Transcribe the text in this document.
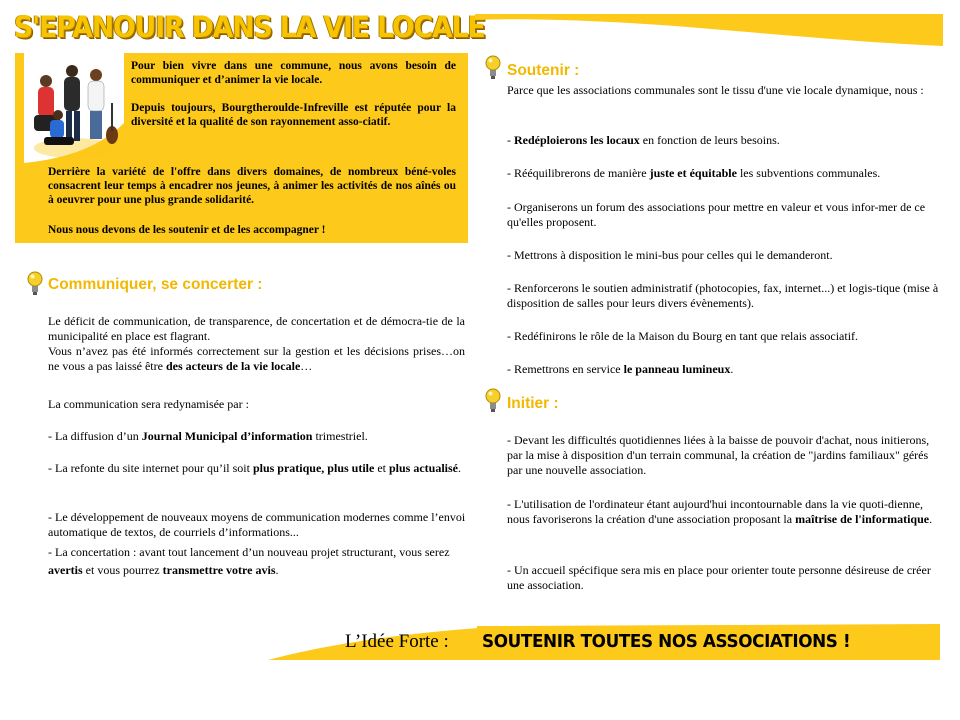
S'EPANOUIR DANS LA VIE LOCALE
Pour bien vivre dans une commune, nous avons besoin de communiquer et d’animer la vie locale.
Depuis toujours, Bourgtheroulde-Infreville est réputée pour la diversité et la qualité de son rayonnement asso-ciatif.
Derrière la variété de l'offre dans divers domaines, de nombreux béné-voles consacrent leur temps à encadrer nos jeunes, à animer les activités de nos aînés ou à oeuvrer pour une plus grande solidarité.
Nous nous devons de les soutenir et de les accompagner !
Communiquer, se concerter :
Le déficit de communication, de transparence, de concertation et de démocra-tie de la municipalité en place est flagrant.
Vous n’avez pas été informés correctement sur la gestion et les décisions prises…on ne vous a pas laissé être des acteurs de la vie locale…
La communication sera redynamisée par :
- La diffusion d’un Journal Municipal d’information trimestriel.
- La refonte du site internet pour qu’il soit plus pratique, plus utile et plus actualisé.
- Le développement de nouveaux moyens de communication modernes comme l’envoi automatique de textos, de courriels d’informations...
- La concertation : avant tout lancement d’un nouveau projet structurant, vous serez avertis et vous pourrez transmettre votre avis.
Soutenir :
Parce que les associations communales sont le tissu d'une vie locale dynamique, nous :
- Redéploierons les locaux en fonction de leurs besoins.
- Rééquilibrerons de manière juste et équitable les subventions communales.
- Organiserons un forum des associations pour mettre en valeur et vous infor-mer de ce qu'elles proposent.
- Mettrons à disposition le mini-bus pour celles qui le demanderont.
- Renforcerons le soutien administratif (photocopies, fax, internet...) et logis-tique (mise à disposition de salles pour leurs divers évènements).
- Redéfinirons le rôle de la Maison du Bourg en tant que relais associatif.
- Remettrons en service le panneau lumineux.
Initier :
- Devant les difficultés quotidiennes liées à la baisse de pouvoir d'achat, nous initierons, par la mise à disposition d'un terrain communal, la création de "jardins familiaux" gérés par une nouvelle association.
- L'utilisation de l'ordinateur étant aujourd'hui incontournable dans la vie quoti-dienne, nous favoriserons la création d'une association proposant la maîtrise de l'informatique.
- Un accueil spécifique sera mis en place pour orienter toute personne désireuse de créer une association.
L’Idée Forte : SOUTENIR TOUTES NOS ASSOCIATIONS !
